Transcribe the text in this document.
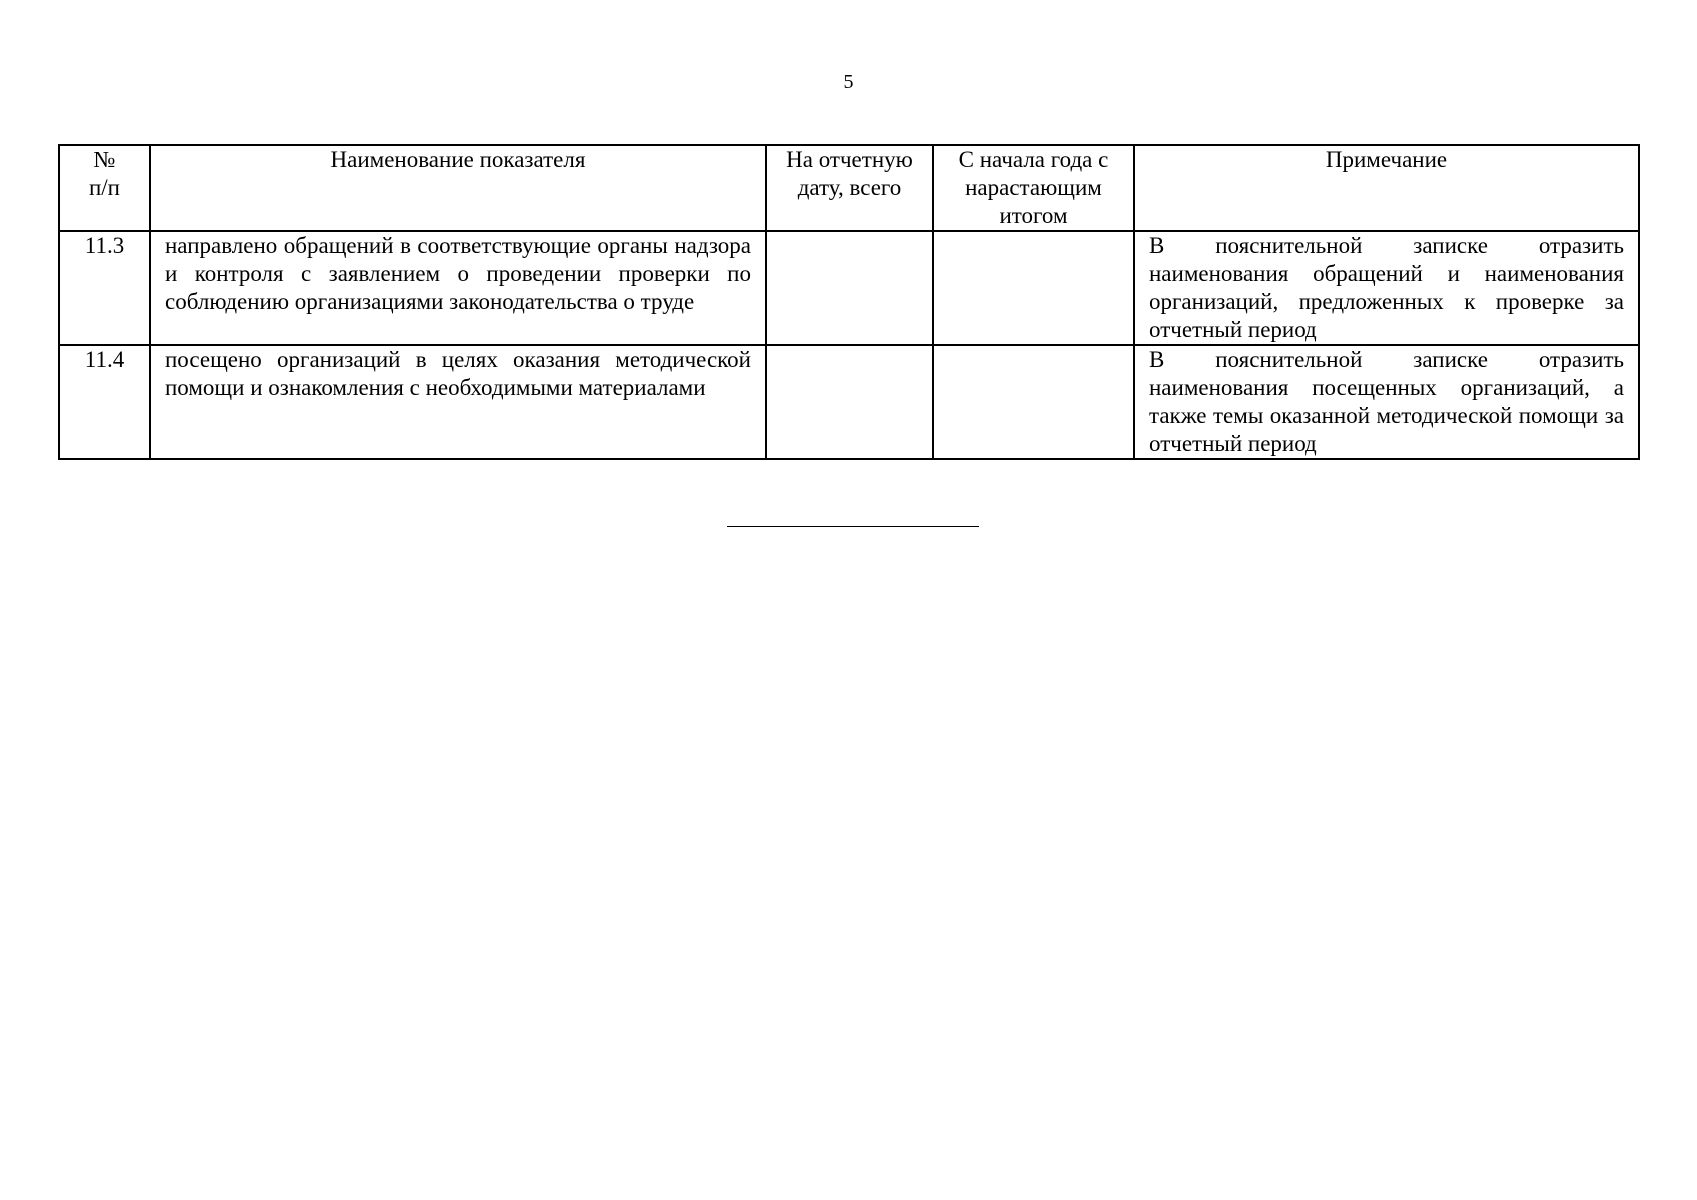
5
№ п/п	Наименование показателя	На отчетную дату, всего	С начала года с нарастающим итогом	Примечание
11.3	направлено обращений в соответствующие органы надзора и контроля с заявлением о проведении проверки по соблюдению организациями законодательства о труде			В пояснительной записке отразить наименования обращений и наименования организаций, предложенных к проверке за отчетный период
11.4	посещено организаций в целях оказания методической помощи и ознакомления с необходимыми материалами			В пояснительной записке отразить наименования посещенных организаций, а также темы оказанной методической помощи за отчетный период
